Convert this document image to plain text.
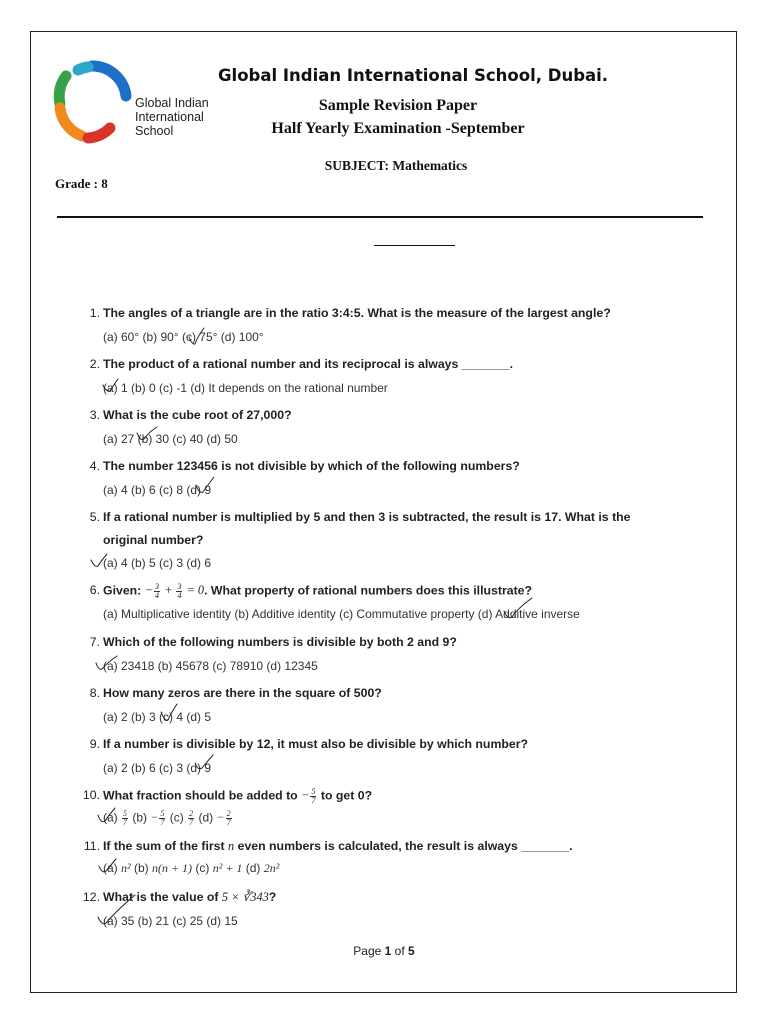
Global Indian
International
School
Global Indian International School, Dubai.
Sample Revision Paper
Half Yearly Examination -September
SUBJECT: Mathematics
Grade : 8
1. The angles of a triangle are in the ratio 3:4:5. What is the measure of the largest angle?
(a) 60° (b) 90° (c) 75° (d) 100°
2. The product of a rational number and its reciprocal is always _______.
(a) 1 (b) 0 (c) -1 (d) It depends on the rational number
3. What is the cube root of 27,000?
(a) 27 (b) 30 (c) 40 (d) 50
4. The number 123456 is not divisible by which of the following numbers?
(a) 4 (b) 6 (c) 8 (d) 9
5. If a rational number is multiplied by 5 and then 3 is subtracted, the result is 17. What is the
original number?
(a) 4 (b) 5 (c) 3 (d) 6
6. Given: − $\frac{3}{4} + \frac{3}{4} = 0$. What property of rational numbers does this illustrate?
(a) Multiplicative identity (b) Additive identity (c) Commutative property (d) Additive inverse
7. Which of the following numbers is divisible by both 2 and 9?
(a) 23418 (b) 45678 (c) 78910 (d) 12345
8. How many zeros are there in the square of 500?
(a) 2 (b) 3 (c) 4 (d) 5
9. If a number is divisible by 12, it must also be divisible by which number?
(a) 2 (b) 6 (c) 3 (d) 9
10. What fraction should be added to − $\frac{5}{7}$ to get 0?
$(a) \frac{5}{7} (b) - \frac{5}{7} (c) \frac{2}{7} (d) - \frac{2}{7}$
11. If the sum of the first n even numbers is calculated, the result is always _______.
(a) n² (b) n(n + 1) (c) n² + 1 (d) 2n²
12. What is the value of 5 × ∛343?
(a) 35 (b) 21 (c) 25 (d) 15
Page 1 of 5
